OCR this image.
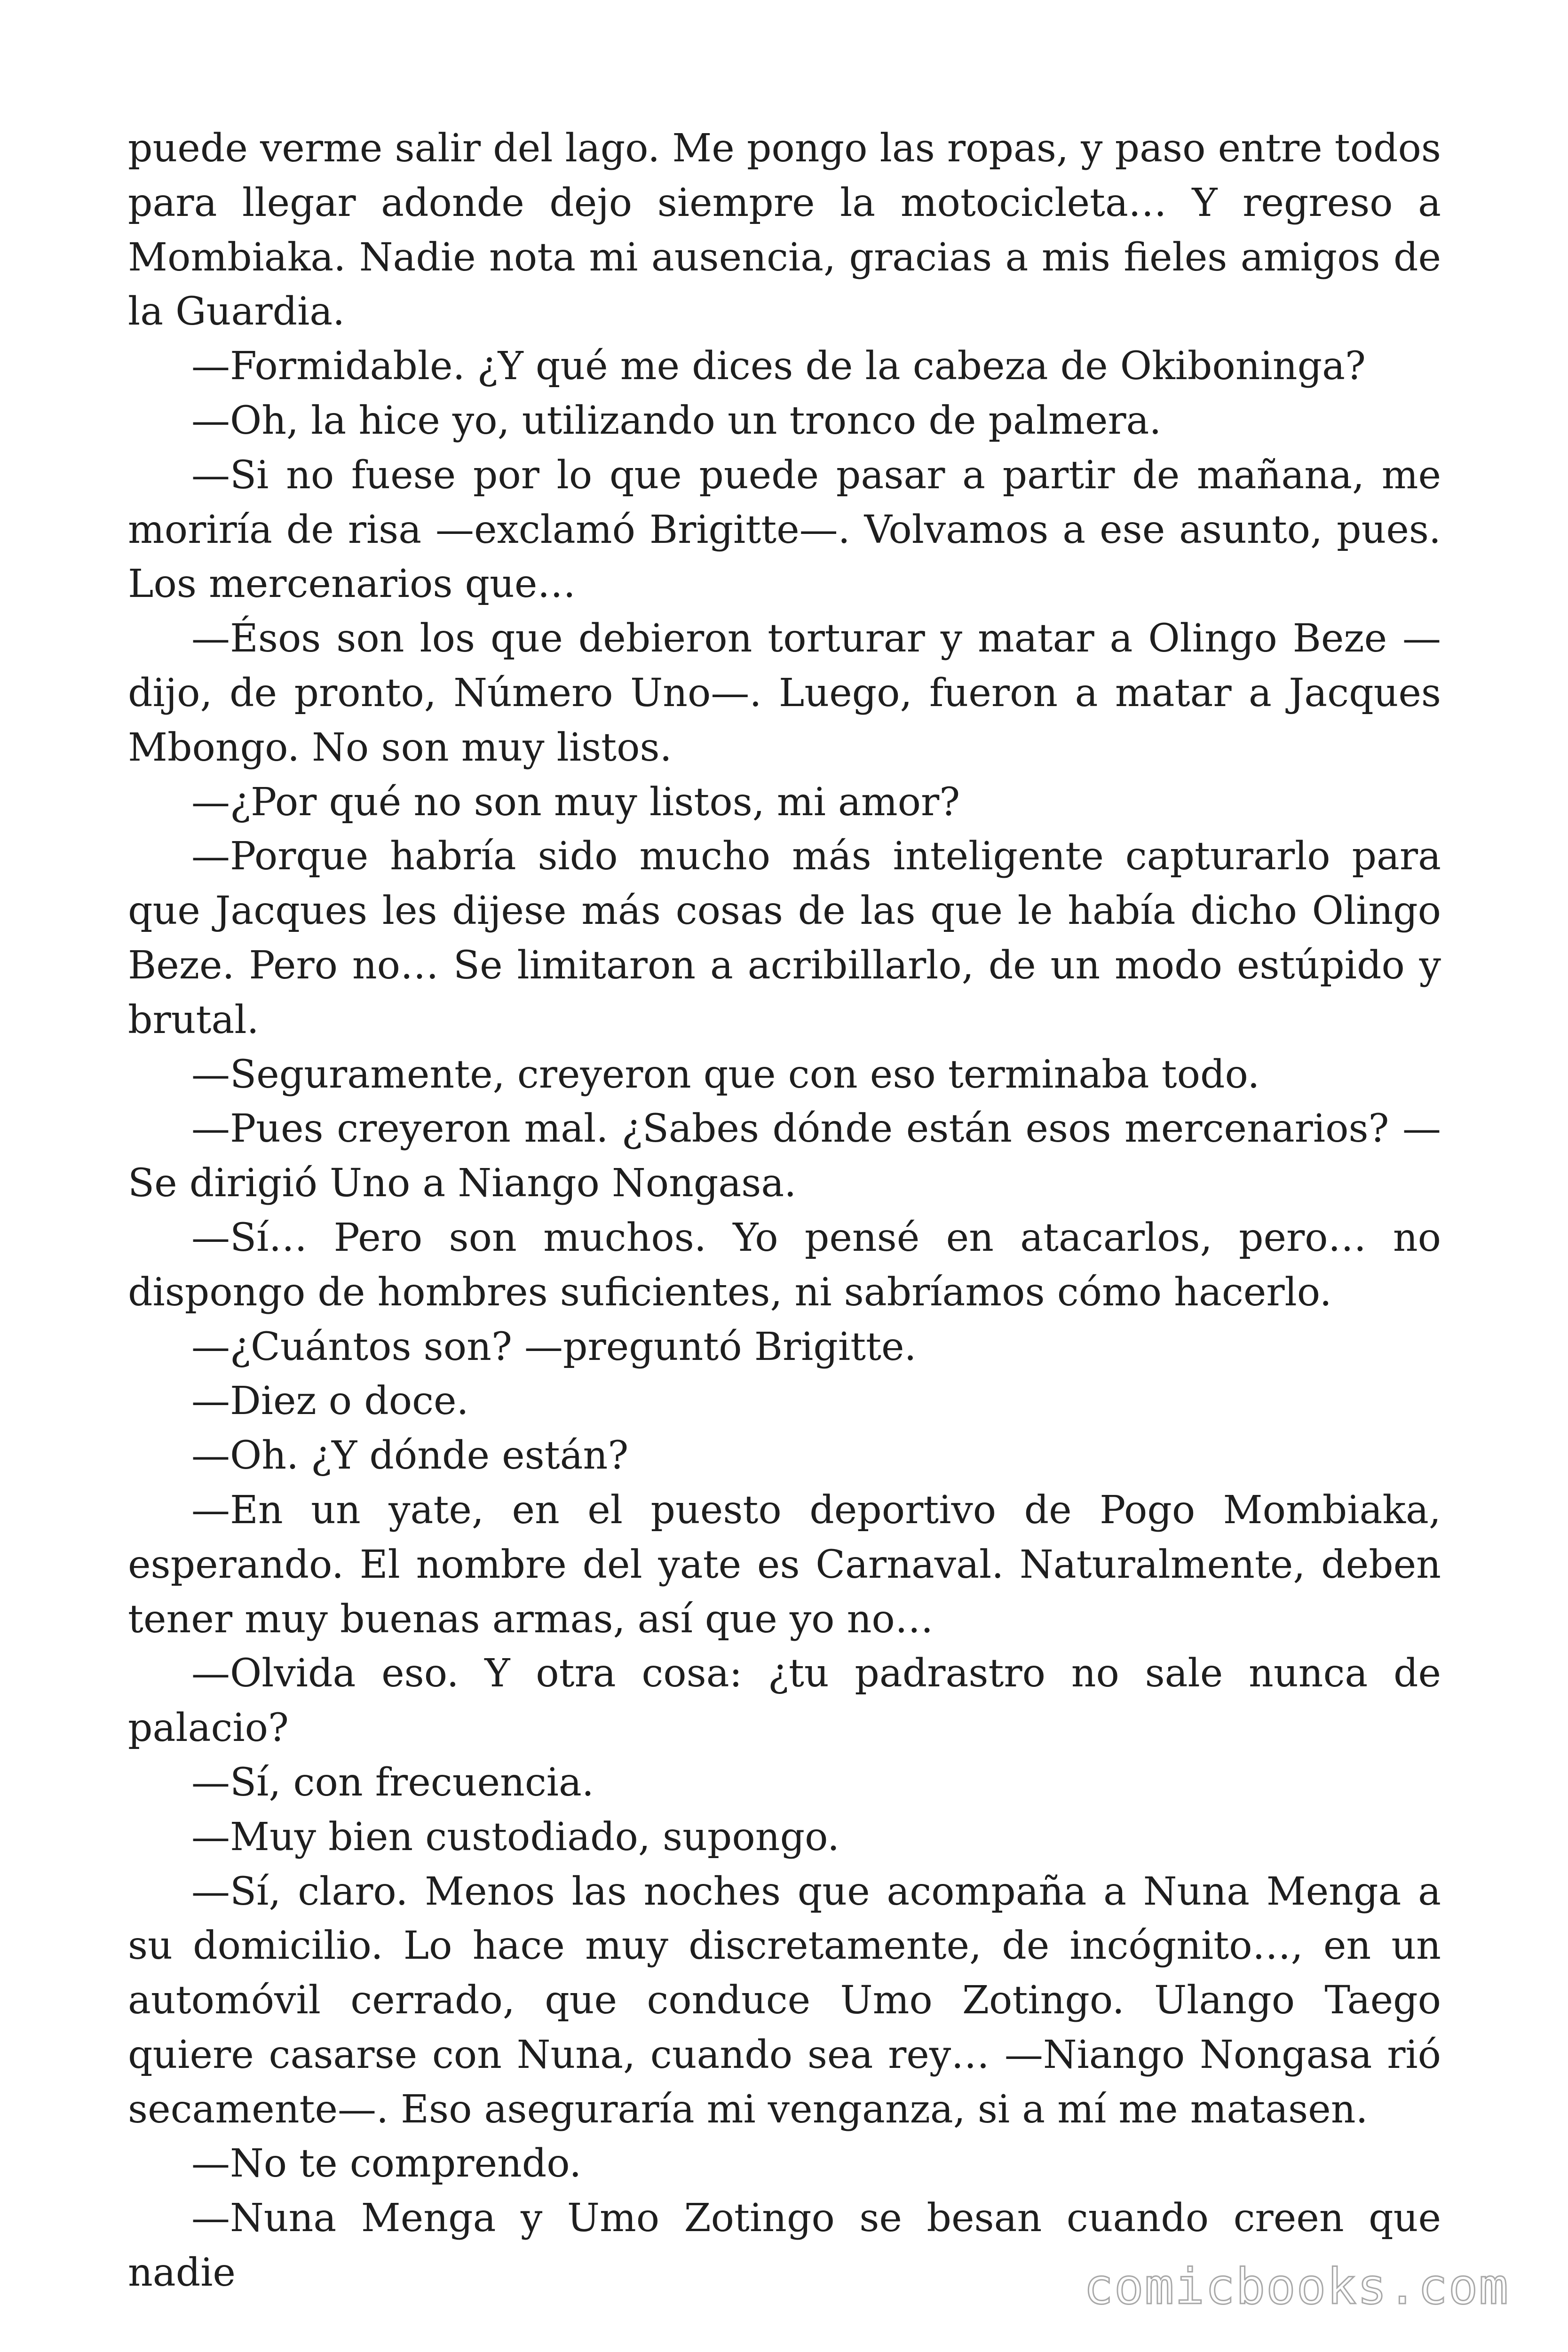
puede verme salir del lago. Me pongo las ropas, y paso entre todos para llegar adonde dejo siempre la motocicleta… Y regreso a Mombiaka. Nadie nota mi ausencia, gracias a mis fieles amigos de la Guardia.

—Formidable. ¿Y qué me dices de la cabeza de Okiboninga?

—Oh, la hice yo, utilizando un tronco de palmera.

—Si no fuese por lo que puede pasar a partir de mañana, me moriría de risa —exclamó Brigitte—. Volvamos a ese asunto, pues. Los mercenarios que…

—Ésos son los que debieron torturar y matar a Olingo Beze — dijo, de pronto, Número Uno—. Luego, fueron a matar a Jacques Mbongo. No son muy listos.

—¿Por qué no son muy listos, mi amor?

—Porque habría sido mucho más inteligente capturarlo para que Jacques les dijese más cosas de las que le había dicho Olingo Beze. Pero no… Se limitaron a acribillarlo, de un modo estúpido y brutal.

—Seguramente, creyeron que con eso terminaba todo.

—Pues creyeron mal. ¿Sabes dónde están esos mercenarios? — Se dirigió Uno a Niango Nongasa.

—Sí… Pero son muchos. Yo pensé en atacarlos, pero… no dispongo de hombres suficientes, ni sabríamos cómo hacerlo.

—¿Cuántos son? —preguntó Brigitte.

—Diez o doce.

—Oh. ¿Y dónde están?

—En un yate, en el puesto deportivo de Pogo Mombiaka, esperando. El nombre del yate es Carnaval. Naturalmente, deben tener muy buenas armas, así que yo no…

—Olvida eso. Y otra cosa: ¿tu padrastro no sale nunca de palacio?

—Sí, con frecuencia.

—Muy bien custodiado, supongo.

—Sí, claro. Menos las noches que acompaña a Nuna Menga a su domicilio. Lo hace muy discretamente, de incógnito…, en un automóvil cerrado, que conduce Umo Zotingo. Ulango Taego quiere casarse con Nuna, cuando sea rey… —Niango Nongasa rió secamente—. Eso aseguraría mi venganza, si a mí me matasen.

—No te comprendo.

—Nuna Menga y Umo Zotingo se besan cuando creen que nadie	comicbooks.com
